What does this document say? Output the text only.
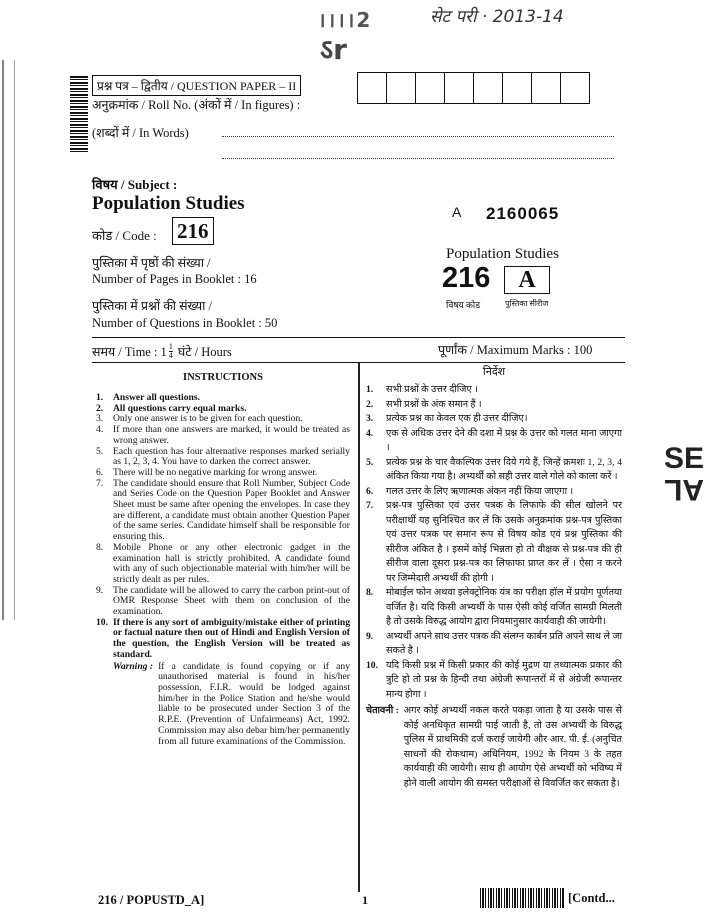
।।।।2
ऽr
सेट परी · 2013-14
प्रश्न पत्र – द्वितीय / QUESTION PAPER – II
अनुक्रमांक / Roll No. (अंकों में / In figures) :
(शब्दों में / In Words)
विषय / Subject :
Population Studies
कोड / Code : 216
पुस्तिका में पृष्ठों की संख्या /
Number of Pages in Booklet : 16
पुस्तिका में प्रश्नों की संख्या /
Number of Questions in Booklet : 50
A 2160065
Population Studies
216	A
विषय कोड	पुस्तिका सीरीज
समय / Time : $1 \frac{1}{4}$ घंटे / Hours	पूर्णांक / Maximum Marks : 100
INSTRUCTIONS
1. Answer all questions.
2. All questions carry equal marks.
3. Only one answer is to be given for each question.
4. If more than one answers are marked, it would be treated as wrong answer.
5. Each question has four alternative responses marked serially as 1, 2, 3, 4. You have to darken the correct answer.
6. There will be no negative marking for wrong answer.
7. The candidate should ensure that Roll Number, Subject Code and Series Code on the Question Paper Booklet and Answer Sheet must be same after opening the envelopes. In case they are different, a candidate must obtain another Question Paper of the same series. Candidate himself shall be responsible for ensuring this.
8. Mobile Phone or any other electronic gadget in the examination hall is strictly prohibited. A candidate found with any of such objectionable material with him/her will be strictly dealt as per rules.
9. The candidate will be allowed to carry the carbon print-out of OMR Response Sheet with them on conclusion of the examination.
10. If there is any sort of ambiguity/mistake either of printing or factual nature then out of Hindi and English Version of the question, the English Version will be treated as standard.
Warning : If a candidate is found copying or if any unauthorised material is found in his/her possession, F.I.R. would be lodged against him/her in the Police Station and he/she would liable to be prosecuted under Section 3 of the R.P.E. (Prevention of Unfairmeans) Act, 1992. Commission may also debar him/her permanently from all future examinations of the Commission.
निर्देश
1. सभी प्रश्नों के उत्तर दीजिए ।
2. सभी प्रश्नों के अंक समान हैं ।
3. प्रत्येक प्रश्न का केवल एक ही उत्तर दीजिए।
4. एक से अधिक उत्तर देने की दशा में प्रश्न के उत्तर को गलत माना जाएगा ।
5. प्रत्येक प्रश्न के चार वैकल्पिक उत्तर दिये गये हैं, जिन्हें क्रमशः 1, 2, 3, 4 अंकित किया गया है। अभ्यर्थी को सही उत्तर वाले गोले को काला करें ।
6. गलत उत्तर के लिए ऋणात्मक अंकन नहीं किया जाएगा ।
7. प्रश्न-पत्र पुस्तिका एवं उत्तर पत्रक के लिफाफे की सील खोलने पर परीक्षार्थी यह सुनिश्चित कर लें कि उसके अनुक्रमांक प्रश्न-पत्र पुस्तिका एवं उत्तर पत्रक पर समान रूप से विषय कोड एवं प्रश्न पुस्तिका की सीरीज अंकित है । इसमें कोई भिन्नता हो तो वीक्षक से प्रश्न-पत्र की ही सीरीज वाला दूसरा प्रश्न-पत्र का लिफाफा प्राप्त कर लें । ऐसा न करने पर जिम्मेदारी अभ्यर्थी की होगी ।
8. मोबाईल फोन अथवा इलेक्ट्रोनिक यंत्र का परीक्षा हॉल में प्रयोग पूर्णतया वर्जित है। यदि किसी अभ्यर्थी के पास ऐसी कोई वर्जित सामग्री मिलती है तो उसके विरुद्ध आयोग द्वारा नियमानुसार कार्यवाही की जायेगी।
9. अभ्यर्थी अपने साथ उत्तर पत्रक की संलग्न कार्बन प्रति अपने साथ ले जा सकते है ।
10. यदि किसी प्रश्न में किसी प्रकार की कोई मुद्रण या तथ्यात्मक प्रकार की त्रुटि हो तो प्रश्न के हिन्दी तथा अंग्रेजी रूपान्तरों में से अंग्रेजी रूपान्तर मान्य होगा ।
चेतावनी : अगर कोई अभ्यर्थी नकल करते पकड़ा जाता है या उसके पास से कोई अनधिकृत सामग्री पाई जाती है, तो उस अभ्यर्थी के विरुद्ध पुलिस में प्राथमिकी दर्ज कराई जायेगी और आर. पी. ई. (अनुचित साधनों की रोकथाम) अधिनियम, 1992 के नियम 3 के तहत कार्यवाही की जायेगी। साथ ही आयोग ऐसे अभ्यर्थी को भविष्य में होने वाली आयोग की समस्त परीक्षाओं से विवर्जित कर सकता है।
SE
AL
216 / POPUSTD_A]	1	[Contd...
